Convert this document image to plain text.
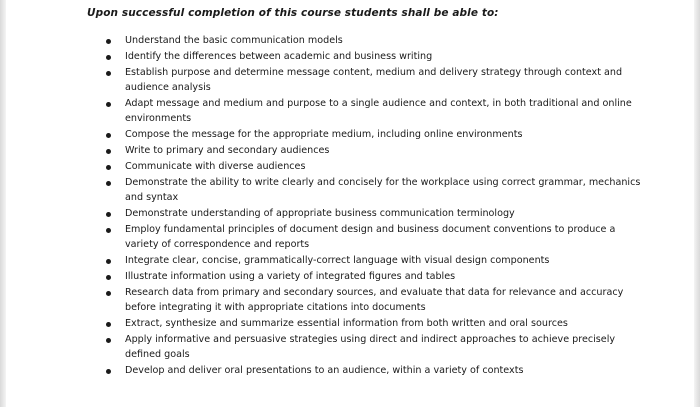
Upon successful completion of this course students shall be able to:

Understand the basic communication models
Identify the differences between academic and business writing
Establish purpose and determine message content, medium and delivery strategy through context and audience analysis
Adapt message and medium and purpose to a single audience and context, in both traditional and online environments
Compose the message for the appropriate medium, including online environments
Write to primary and secondary audiences
Communicate with diverse audiences
Demonstrate the ability to write clearly and concisely for the workplace using correct grammar, mechanics and syntax
Demonstrate understanding of appropriate business communication terminology
Employ fundamental principles of document design and business document conventions to produce a variety of correspondence and reports
Integrate clear, concise, grammatically-correct language with visual design components
Illustrate information using a variety of integrated figures and tables
Research data from primary and secondary sources, and evaluate that data for relevance and accuracy before integrating it with appropriate citations into documents
Extract, synthesize and summarize essential information from both written and oral sources
Apply informative and persuasive strategies using direct and indirect approaches to achieve precisely defined goals
Develop and deliver oral presentations to an audience, within a variety of contexts
